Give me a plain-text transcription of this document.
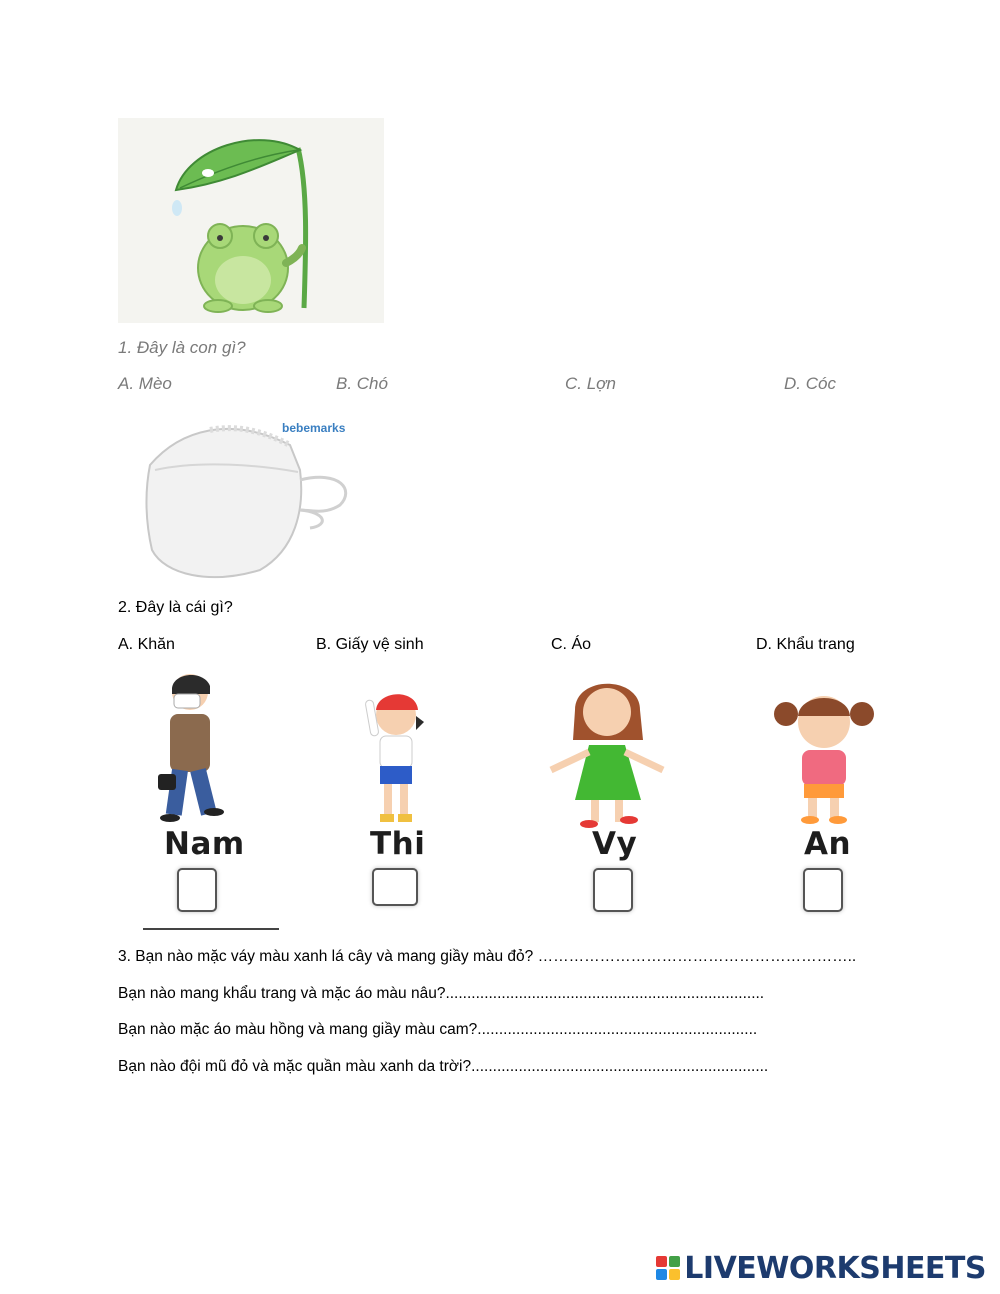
1. Đây là con gì?
A. Mèo	B. Chó	C. Lợn	D. Cóc
bebemarks
2. Đây là cái gì?
A. Khăn	B. Giấy vệ sinh	C. Áo	D. Khẩu trang
Nam	Thi	Vy	An
3. Bạn nào mặc váy màu xanh lá cây và mang giầy màu đỏ? ……………………………………………………..
Bạn nào mang khẩu trang và mặc áo màu nâu?..........................................................................
Bạn nào mặc áo màu hồng và mang giầy màu cam?.................................................................
Bạn nào đội mũ đỏ và mặc quần màu xanh da trời?.....................................................................
LIVEWORKSHEETS
